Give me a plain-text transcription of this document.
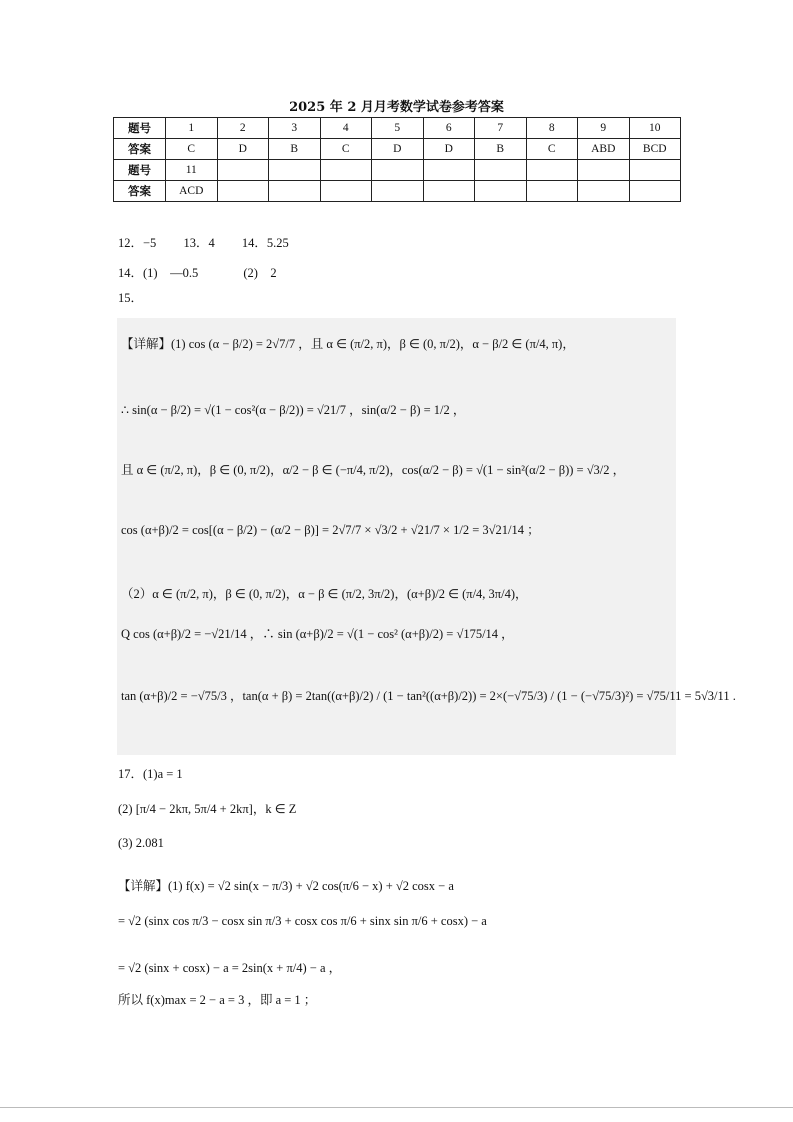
2025 年 2 月月考数学试卷参考答案
题号	1	2	3	4	5	6	7	8	9	10
答案	C	D	B	C	D	D	B	C	ABD	BCD
题号	11									
答案	ACD									
12．−5 13．4 14．5.25
14．(1)　—0.5	(2)　2
15．
【详解】(1) cos (α − β/2) = 2√7/7 ，且 α ∈ (π/2, π)，β ∈ (0, π/2)，α − β/2 ∈ (π/4, π)，
∴ sin(α − β/2) = √(1 − cos²(α − β/2)) = √21/7 ，sin(α/2 − β) = 1/2 ，
且 α ∈ (π/2, π)，β ∈ (0, π/2)，α/2 − β ∈ (−π/4, π/2)，cos(α/2 − β) = √(1 − sin²(α/2 − β)) = √3/2 ，
cos (α+β)/2 = cos[(α − β/2) − (α/2 − β)] = 2√7/7 × √3/2 + √21/7 × 1/2 = 3√21/14 ；
（2）α ∈ (π/2, π)，β ∈ (0, π/2)，α − β ∈ (π/2, 3π/2)，(α+β)/2 ∈ (π/4, 3π/4)，
Q cos (α+β)/2 = −√21/14 ，∴ sin (α+β)/2 = √(1 − cos² (α+β)/2) = √175/14 ，
tan (α+β)/2 = −√75/3 ，tan(α + β) = 2tan((α+β)/2) / (1 − tan²((α+β)/2)) = 2×(−√75/3) / (1 − (−√75/3)²) = √75/11 = 5√3/11 .
17．(1)a = 1
(2) [π/4 − 2kπ, 5π/4 + 2kπ]，k ∈ Z
(3) 2.081
【详解】(1) f(x) = √2 sin(x − π/3) + √2 cos(π/6 − x) + √2 cosx − a
= √2 (sinx cos π/3 − cosx sin π/3 + cosx cos π/6 + sinx sin π/6 + cosx) − a
= √2 (sinx + cosx) − a = 2sin(x + π/4) − a ，
所以 f(x)max = 2 − a = 3 ，即 a = 1 ；
